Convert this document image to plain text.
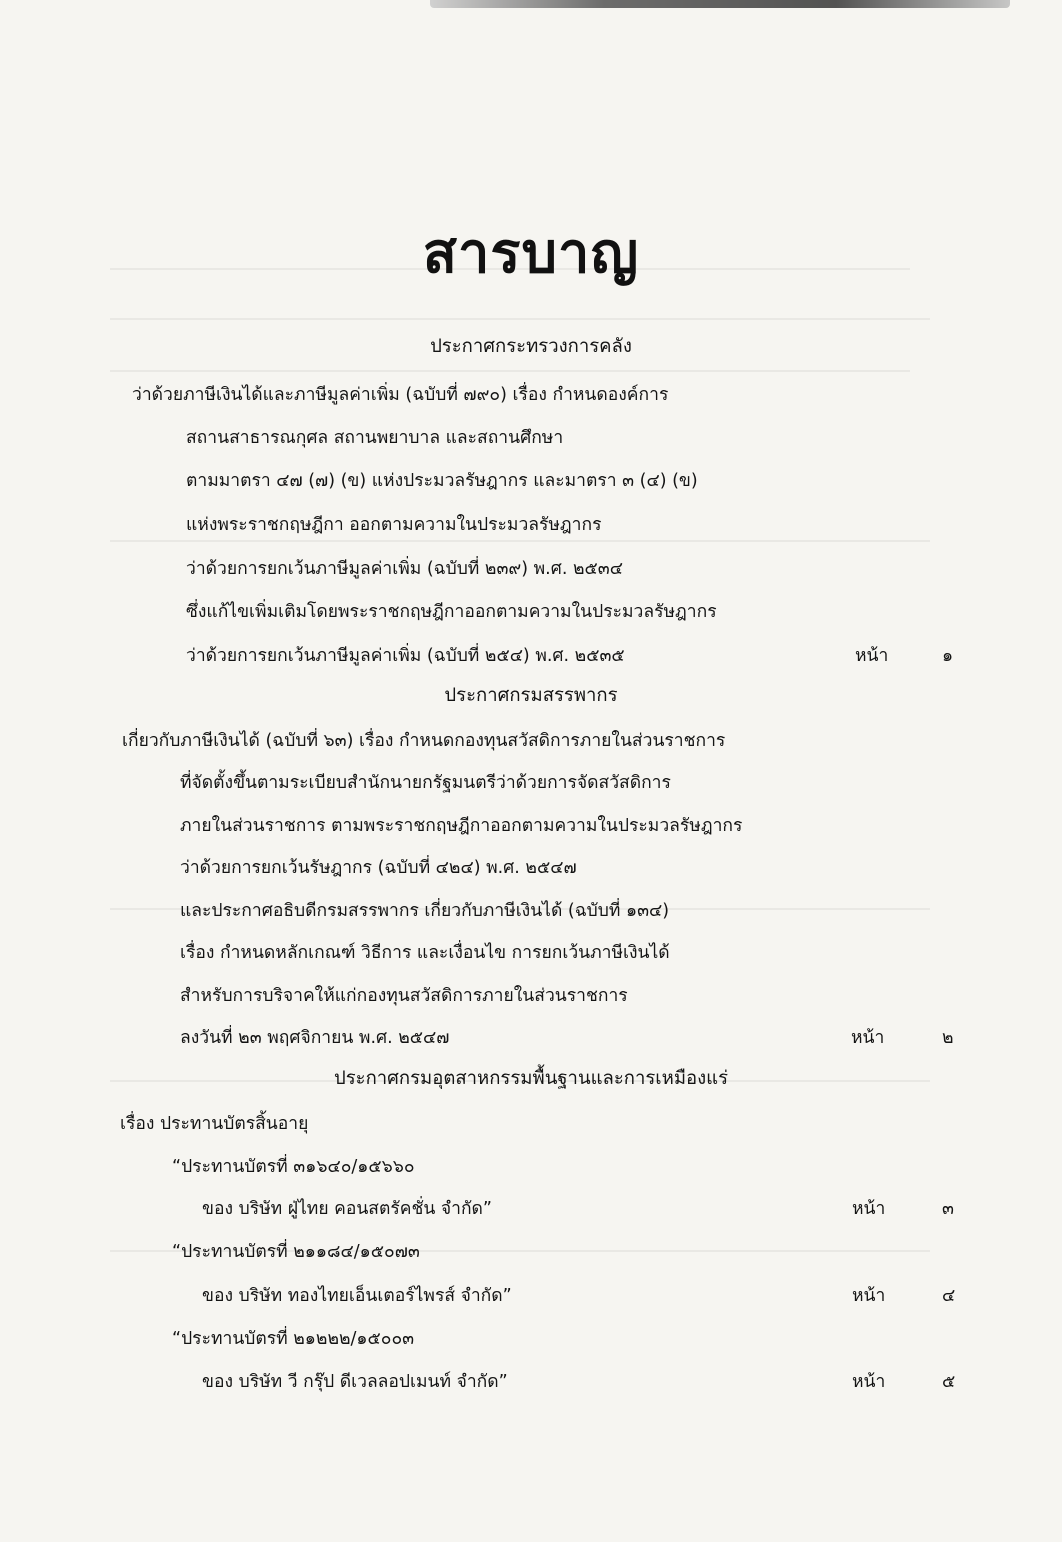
สารบาญ
ประกาศกระทรวงการคลัง
ว่าด้วยภาษีเงินได้และภาษีมูลค่าเพิ่ม (ฉบับที่ ๗๙๐) เรื่อง กำหนดองค์การ
สถานสาธารณกุศล สถานพยาบาล และสถานศึกษา
ตามมาตรา ๔๗ (๗) (ข) แห่งประมวลรัษฎากร และมาตรา ๓ (๔) (ข)
แห่งพระราชกฤษฎีกา ออกตามความในประมวลรัษฎากร
ว่าด้วยการยกเว้นภาษีมูลค่าเพิ่ม (ฉบับที่ ๒๓๙) พ.ศ. ๒๕๓๔
ซึ่งแก้ไขเพิ่มเติมโดยพระราชกฤษฎีกาออกตามความในประมวลรัษฎากร
ว่าด้วยการยกเว้นภาษีมูลค่าเพิ่ม (ฉบับที่ ๒๕๔) พ.ศ. ๒๕๓๕	หน้า	๑
ประกาศกรมสรรพากร
เกี่ยวกับภาษีเงินได้ (ฉบับที่ ๖๓) เรื่อง กำหนดกองทุนสวัสดิการภายในส่วนราชการ
ที่จัดตั้งขึ้นตามระเบียบสำนักนายกรัฐมนตรีว่าด้วยการจัดสวัสดิการ
ภายในส่วนราชการ ตามพระราชกฤษฎีกาออกตามความในประมวลรัษฎากร
ว่าด้วยการยกเว้นรัษฎากร (ฉบับที่ ๔๒๔) พ.ศ. ๒๕๔๗
และประกาศอธิบดีกรมสรรพากร เกี่ยวกับภาษีเงินได้ (ฉบับที่ ๑๓๔)
เรื่อง กำหนดหลักเกณฑ์ วิธีการ และเงื่อนไข การยกเว้นภาษีเงินได้
สำหรับการบริจาคให้แก่กองทุนสวัสดิการภายในส่วนราชการ
ลงวันที่ ๒๓ พฤศจิกายน พ.ศ. ๒๕๔๗	หน้า	๒
ประกาศกรมอุตสาหกรรมพื้นฐานและการเหมืองแร่
เรื่อง ประทานบัตรสิ้นอายุ
“ประทานบัตรที่ ๓๑๖๔๐/๑๕๖๖๐
ของ บริษัท ฝู่ไทย คอนสตรัคชั่น จำกัด”	หน้า	๓
“ประทานบัตรที่ ๒๑๑๘๔/๑๕๐๗๓
ของ บริษัท ทองไทยเอ็นเตอร์ไพรส์ จำกัด”	หน้า	๔
“ประทานบัตรที่ ๒๑๒๒๒/๑๕๐๐๓
ของ บริษัท วี กรุ๊ป ดีเวลลอปเมนท์ จำกัด”	หน้า	๕
